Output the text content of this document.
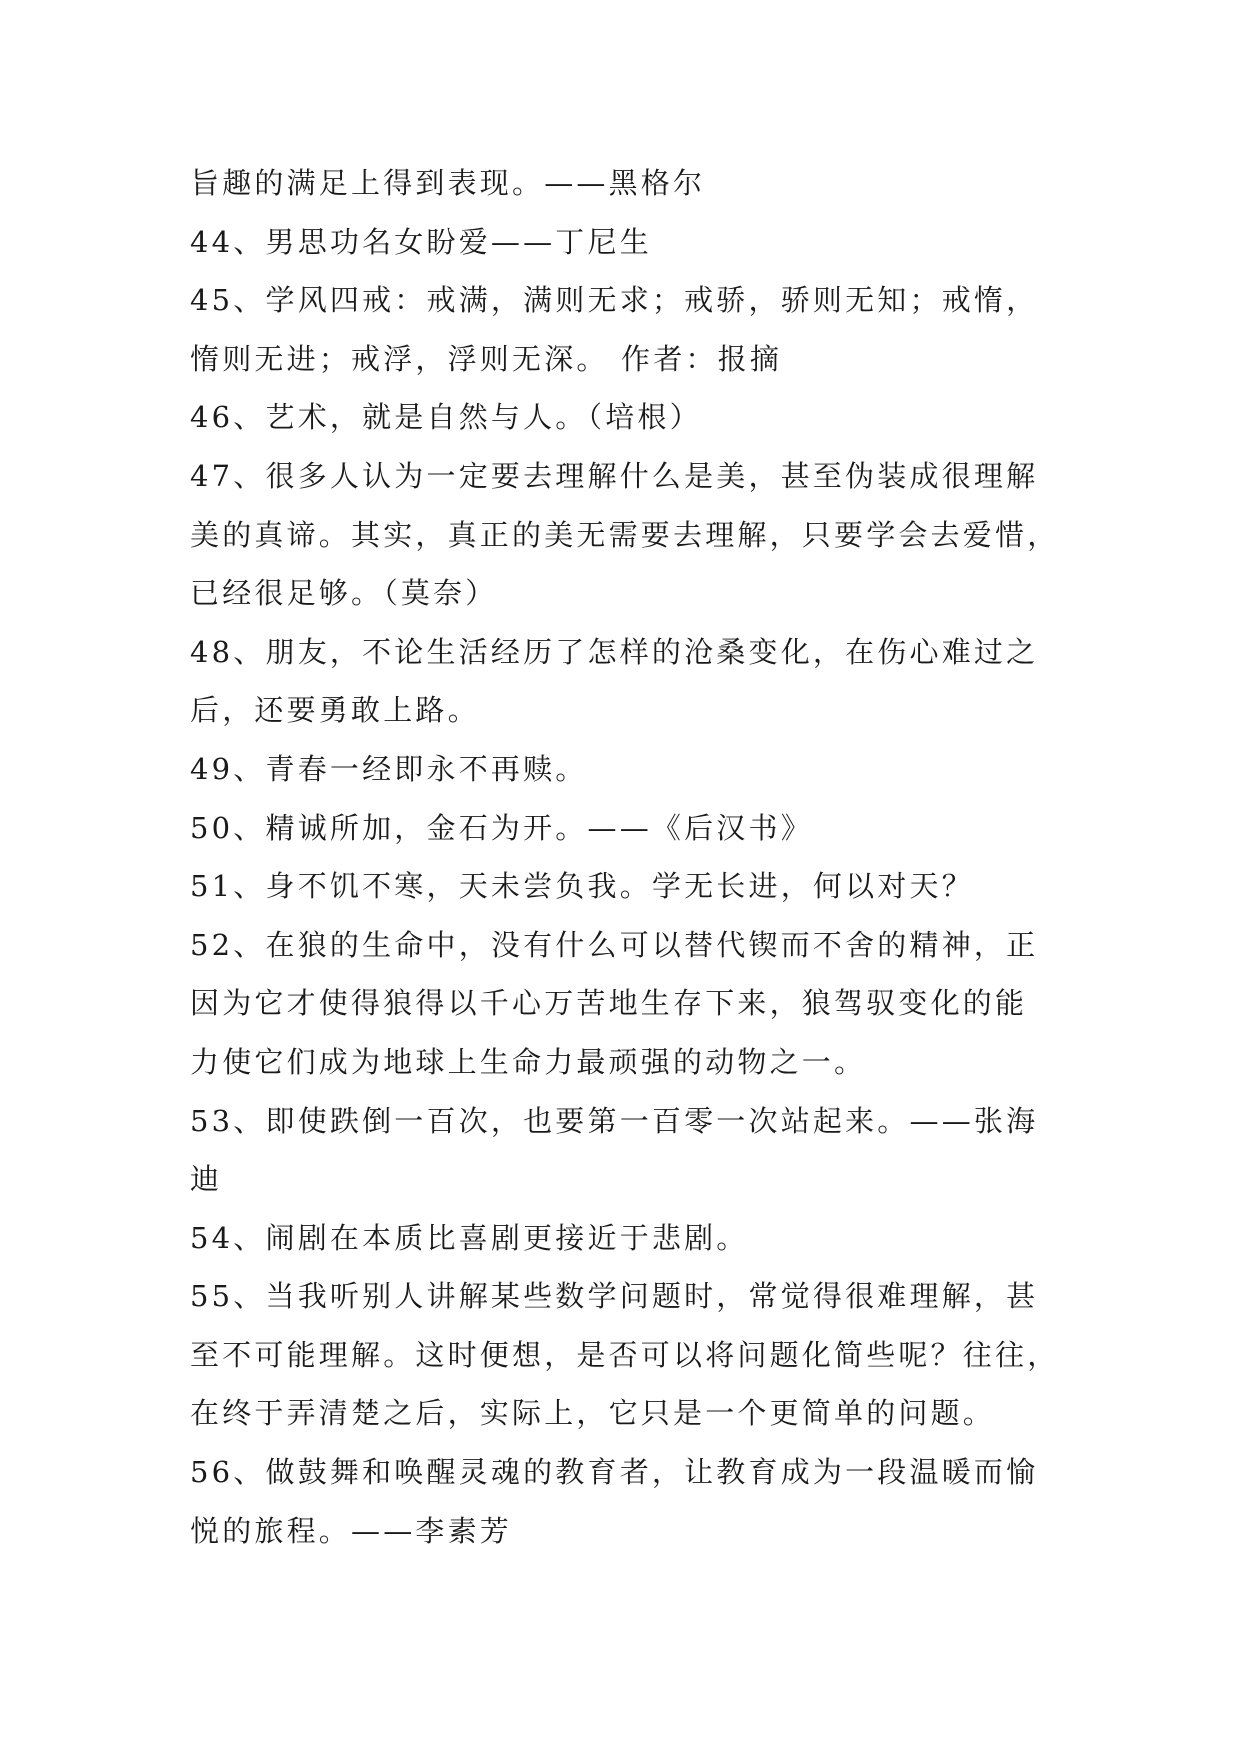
旨趣的满足上得到表现。——黑格尔
44、男思功名女盼爱——丁尼生
45、学风四戒：戒满，满则无求；戒骄，骄则无知；戒惰，
惰则无进；戒浮，浮则无深。 作者：报摘
46、艺术，就是自然与人。（培根）
47、很多人认为一定要去理解什么是美，甚至伪装成很理解
美的真谛。其实，真正的美无需要去理解，只要学会去爱惜，
已经很足够。（莫奈）
48、朋友，不论生活经历了怎样的沧桑变化，在伤心难过之
后，还要勇敢上路。
49、青春一经即永不再赎。
50、精诚所加，金石为开。——《后汉书》
51、身不饥不寒，天未尝负我。学无长进，何以对天？
52、在狼的生命中，没有什么可以替代锲而不舍的精神，正
因为它才使得狼得以千心万苦地生存下来，狼驾驭变化的能
力使它们成为地球上生命力最顽强的动物之一。
53、即使跌倒一百次，也要第一百零一次站起来。——张海
迪
54、闹剧在本质比喜剧更接近于悲剧。
55、当我听别人讲解某些数学问题时，常觉得很难理解，甚
至不可能理解。这时便想，是否可以将问题化简些呢？往往，
在终于弄清楚之后，实际上，它只是一个更简单的问题。
56、做鼓舞和唤醒灵魂的教育者，让教育成为一段温暖而愉
悦的旅程。——李素芳
